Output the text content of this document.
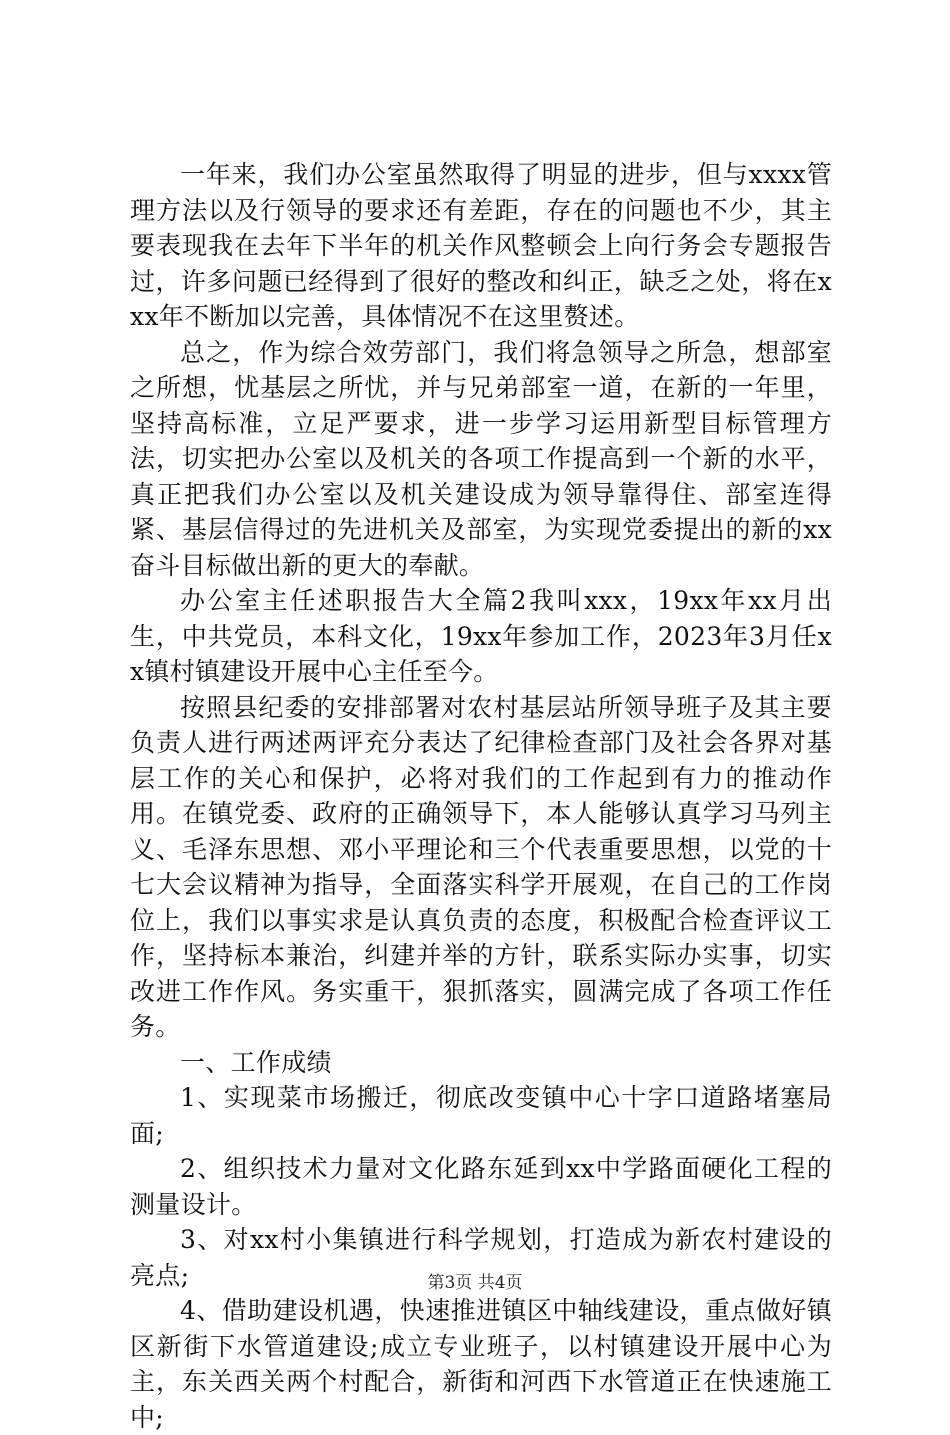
一年来，我们办公室虽然取得了明显的进步，但与xxxx管理方法以及行领导的要求还有差距，存在的问题也不少，其主要表现我在去年下半年的机关作风整顿会上向行务会专题报告过，许多问题已经得到了很好的整改和纠正，缺乏之处，将在xxx年不断加以完善，具体情况不在这里赘述。

总之，作为综合效劳部门，我们将急领导之所急，想部室之所想，忧基层之所忧，并与兄弟部室一道，在新的一年里，坚持高标准，立足严要求，进一步学习运用新型目标管理方法，切实把办公室以及机关的各项工作提高到一个新的水平，真正把我们办公室以及机关建设成为领导靠得住、部室连得紧、基层信得过的先进机关及部室，为实现党委提出的新的xx奋斗目标做出新的更大的奉献。

办公室主任述职报告大全篇2我叫xxx，19xx年xx月出生，中共党员，本科文化，19xx年参加工作，2023年3月任xx镇村镇建设开展中心主任至今。

按照县纪委的安排部署对农村基层站所领导班子及其主要负责人进行两述两评充分表达了纪律检查部门及社会各界对基层工作的关心和保护，必将对我们的工作起到有力的推动作用。在镇党委、政府的正确领导下，本人能够认真学习马列主义、毛泽东思想、邓小平理论和三个代表重要思想，以党的十七大会议精神为指导，全面落实科学开展观，在自己的工作岗位上，我们以事实求是认真负责的态度，积极配合检查评议工作，坚持标本兼治，纠建并举的方针，联系实际办实事，切实改进工作作风。务实重干，狠抓落实，圆满完成了各项工作任务。

一、工作成绩

1、实现菜市场搬迁，彻底改变镇中心十字口道路堵塞局面;

2、组织技术力量对文化路东延到xx中学路面硬化工程的测量设计。

3、对xx村小集镇进行科学规划，打造成为新农村建设的亮点;

4、借助建设机遇，快速推进镇区中轴线建设，重点做好镇区新街下水管道建设;成立专业班子，以村镇建设开展中心为主，东关西关两个村配合，新街和河西下水管道正在快速施工中;

第3页 共4页
